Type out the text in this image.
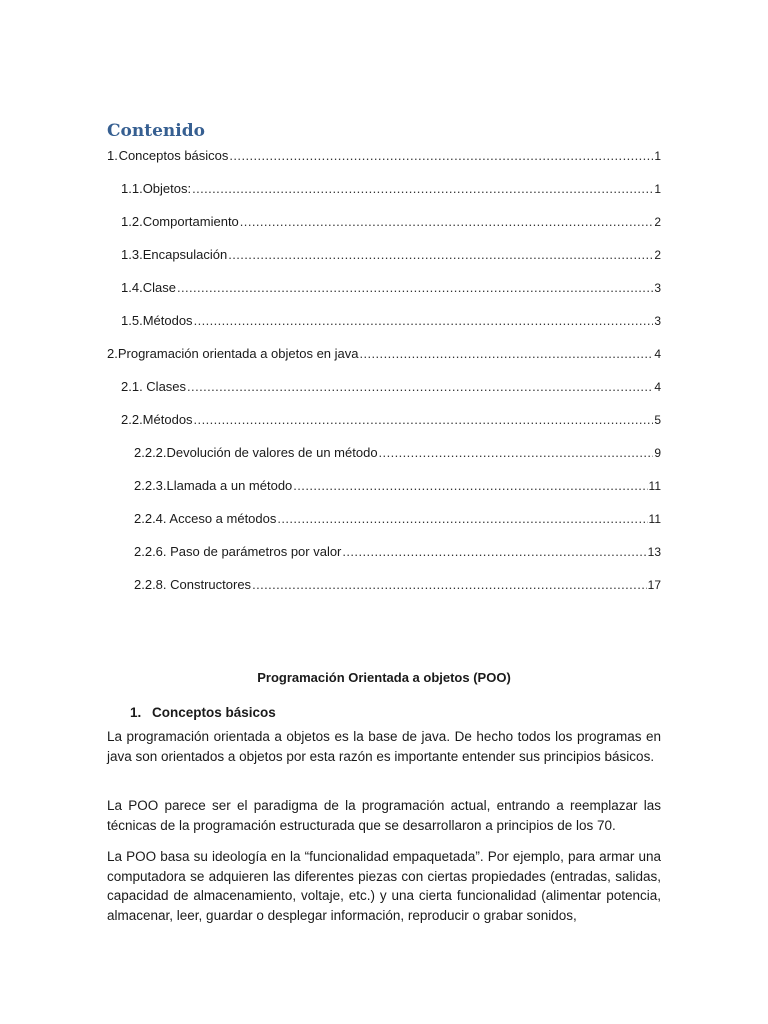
Contenido
1. Conceptos básicos .....	1
1.1. Objetos: .....	1
1.2. Comportamiento .....	2
1.3. Encapsulación .....	2
1.4. Clase .....	3
1.5. Métodos .....	3
2. Programación orientada a objetos en java .....	4
2.1. Clases .....	4
2.2.Métodos .....	5
2.2.2.Devolución de valores de un método .....	9
2.2.3.Llamada a un método .....	11
2.2.4. Acceso a métodos .....	11
2.2.6. Paso de parámetros por valor .....	13
2.2.8. Constructores .....	17
Programación Orientada a objetos (POO)
1. Conceptos básicos

La programación orientada a objetos es la base de java. De hecho todos los programas en java son orientados a objetos por esta razón es importante entender sus principios básicos.

La POO parece ser el paradigma de la programación actual, entrando a reemplazar las técnicas de la programación estructurada que se desarrollaron a principios de los 70.

La POO basa su ideología en la “funcionalidad empaquetada”. Por ejemplo, para armar una computadora se adquieren las diferentes piezas con ciertas propiedades (entradas, salidas, capacidad de almacenamiento, voltaje, etc.) y una cierta funcionalidad (alimentar potencia, almacenar, leer, guardar o desplegar información, reproducir o grabar sonidos,
